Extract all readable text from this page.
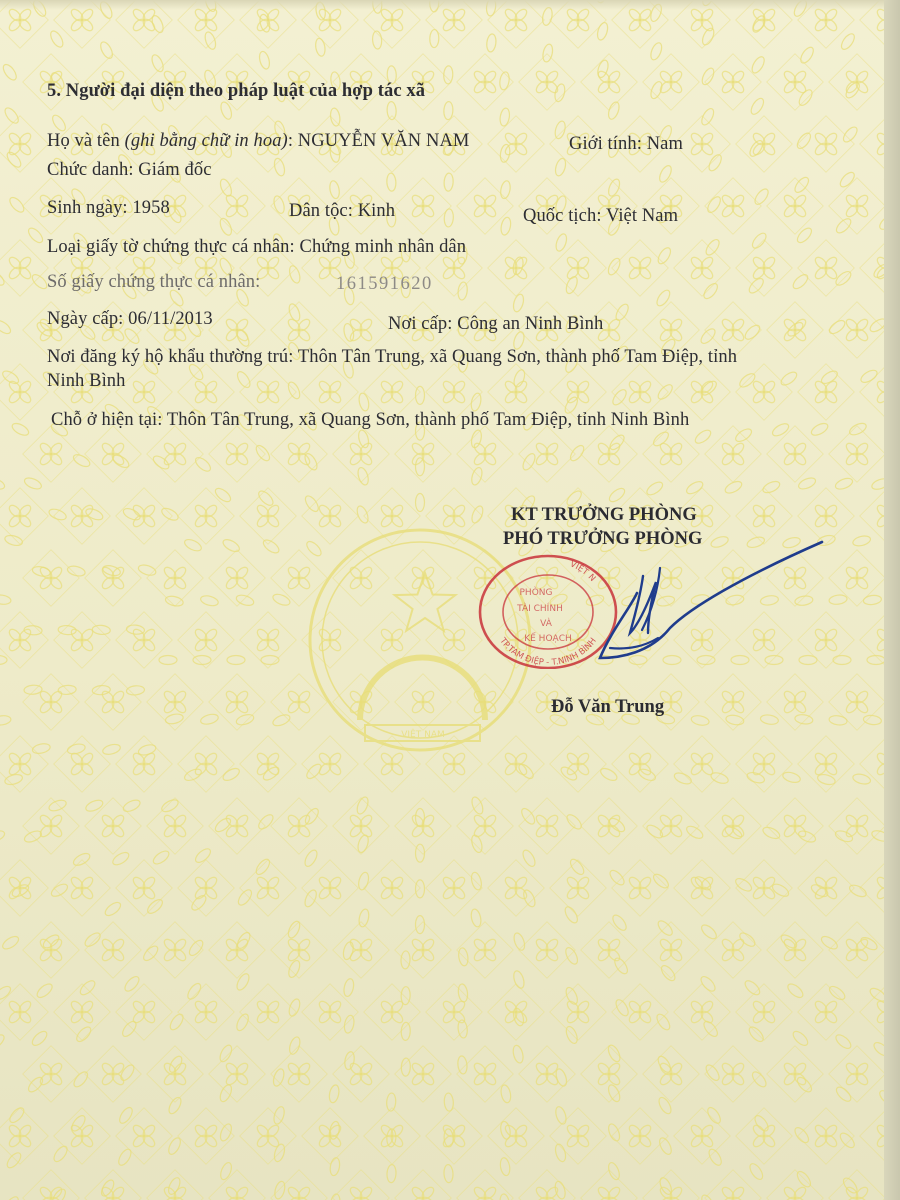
VIỆT NAM
5. Người đại diện theo pháp luật của hợp tác xã
Họ và tên (ghi bằng chữ in hoa): NGUYỄN VĂN NAM	Giới tính: Nam
Chức danh: Giám đốc
Sinh ngày: 1958	Dân tộc: Kinh	Quốc tịch: Việt Nam
Loại giấy tờ chứng thực cá nhân: Chứng minh nhân dân
Số giấy chứng thực cá nhân:	161591620
Ngày cấp: 06/11/2013	Nơi cấp: Công an Ninh Bình
Nơi đăng ký hộ khẩu thường trú: Thôn Tân Trung, xã Quang Sơn, thành phố Tam Điệp, tỉnh
Ninh Bình
Chỗ ở hiện tại: Thôn Tân Trung, xã Quang Sơn, thành phố Tam Điệp, tỉnh Ninh Bình
KT TRƯỞNG PHÒNG
PHÓ TRƯỞNG PHÒNG
VIỆT N
TP.TAM ĐIỆP - T.NINH BÌNH
PHÒNG
TÀI CHÍNH
VÀ
KẾ HOẠCH
Đỗ Văn Trung
